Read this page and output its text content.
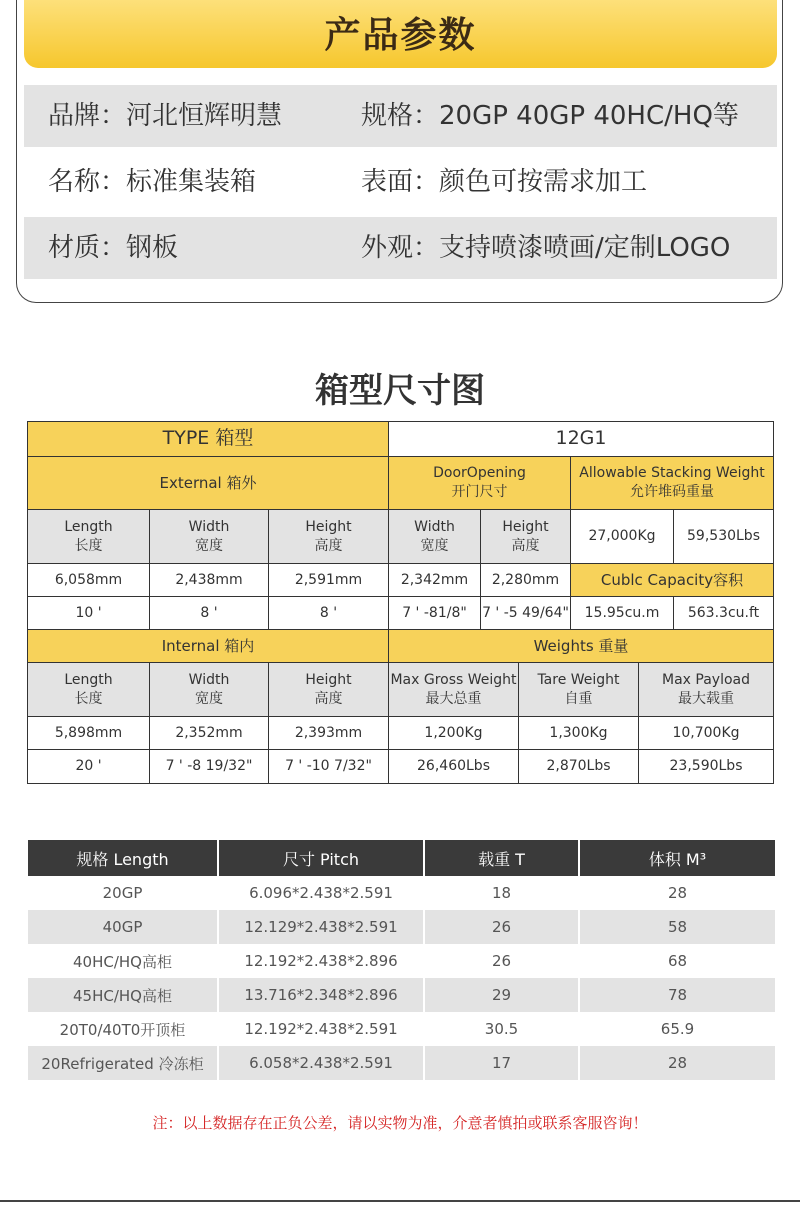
产品参数
品牌：河北恒辉明慧	规格：20GP 40GP 40HC/HQ等
名称：标准集装箱	表面：颜色可按需求加工
材质：钢板	外观：支持喷漆喷画/定制LOGO
箱型尺寸图
TYPE 箱型	12G1
External 箱外
DoorOpening
开门尺寸
Allowable Stacking Weight
允许堆码重量
Length
长度
Width
宽度
Height
高度
Width
宽度
Height
高度
27,000Kg 59,530Lbs
6,058mm	2,438mm	2,591mm	2,342mm 2,280mm	Cublc Capacity容积
10 '	8 '	8 '	7 ' -81/8" 7 ' -5 49/64" 15.95cu.m 563.3cu.ft
Internal 箱内	Weights 重量
Length
长度
Width
宽度
Height
高度
Max Gross Weight
最大总重
Tare Weight
自重
Max Payload
最大载重
5,898mm	2,352mm	2,393mm	1,200Kg	1,300Kg	10,700Kg
20 '	7 ' -8 19/32" 7 ' -10 7/32"	26,460Lbs	2,870Lbs	23,590Lbs
规格 Length	尺寸 Pitch	载重 T	体积 M³
20GP	6.096*2.438*2.591	18	28
40GP	12.129*2.438*2.591	26	58
40HC/HQ高柜	12.192*2.438*2.896	26	68
45HC/HQ高柜	13.716*2.348*2.896	29	78
20T0/40T0开顶柜	12.192*2.438*2.591	30.5	65.9
20Refrigerated 冷冻柜	6.058*2.438*2.591	17	28
注：以上数据存在正负公差，请以实物为准，介意者慎拍或联系客服咨询！
